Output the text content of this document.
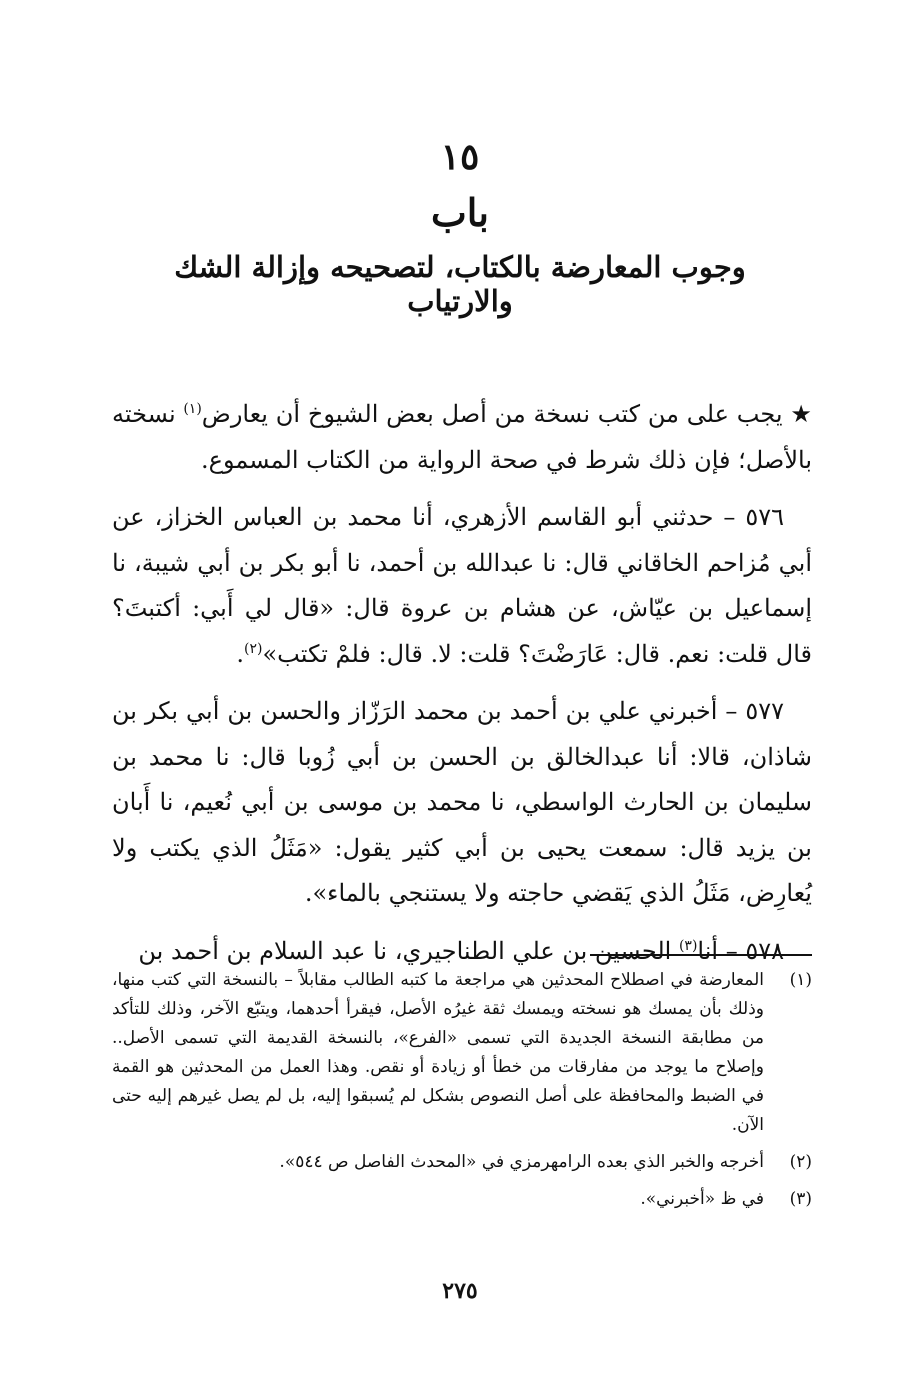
١٥
باب
وجوب المعارضة بالكتاب، لتصحيحه وإزالة الشك والارتياب

★ يجب على من كتب نسخة من أصل بعض الشيوخ أن يعارض$^{(١)}$ نسخته بالأصل؛ فإن ذلك شرط في صحة الرواية من الكتاب المسموع.

٥٧٦ – حدثني أبو القاسم الأزهري، أنا محمد بن العباس الخزاز، عن أبي مُزاحم الخاقاني قال: نا عبدالله بن أحمد، نا أبو بكر بن أبي شيبة، نا إسماعيل بن عيّاش، عن هشام بن عروة قال: «قال لي أَبي: أكتبتَ؟ قال قلت: نعم. قال: عَارَضْتَ؟ قلت: لا. قال: فلمْ تكتب»$^{(٢)}$.

٥٧٧ – أخبرني علي بن أحمد بن محمد الرَزّاز والحسن بن أبي بكر بن شاذان، قالا: أنا عبدالخالق بن الحسن بن أبي زُوبا قال: نا محمد بن سليمان بن الحارث الواسطي، نا محمد بن موسى بن أبي نُعيم، نا أَبان بن يزيد قال: سمعت يحيى بن أبي كثير يقول: «مَثَلُ الذي يكتب ولا يُعارِض، مَثَلُ الذي يَقضي حاجته ولا يستنجي بالماء».

٥٧٨ – أنا$^{(٣)}$ الحسين بن علي الطناجيري، نا عبد السلام بن أحمد بن

(١)
المعارضة في اصطلاح المحدثين هي مراجعة ما كتبه الطالب مقابلاً – بالنسخة التي كتب منها، وذلك بأن يمسك هو نسخته ويمسك ثقة غيرُه الأصل، فيقرأ أحدهما، ويتبّع الآخر، وذلك للتأكد من مطابقة النسخة الجديدة التي تسمى «الفرع»، بالنسخة القديمة التي تسمى الأصل.. وإصلاح ما يوجد من مفارقات من خطأ أو زيادة أو نقص. وهذا العمل من المحدثين هو القمة في الضبط والمحافظة على أصل النصوص بشكل لم يُسبقوا إليه، بل لم يصل غيرهم إليه حتى الآن.
(٢)
أخرجه والخبر الذي بعده الرامهرمزي في «المحدث الفاصل ص ٥٤٤».
(٣)
في ظ «أخبرني».
٢٧٥
